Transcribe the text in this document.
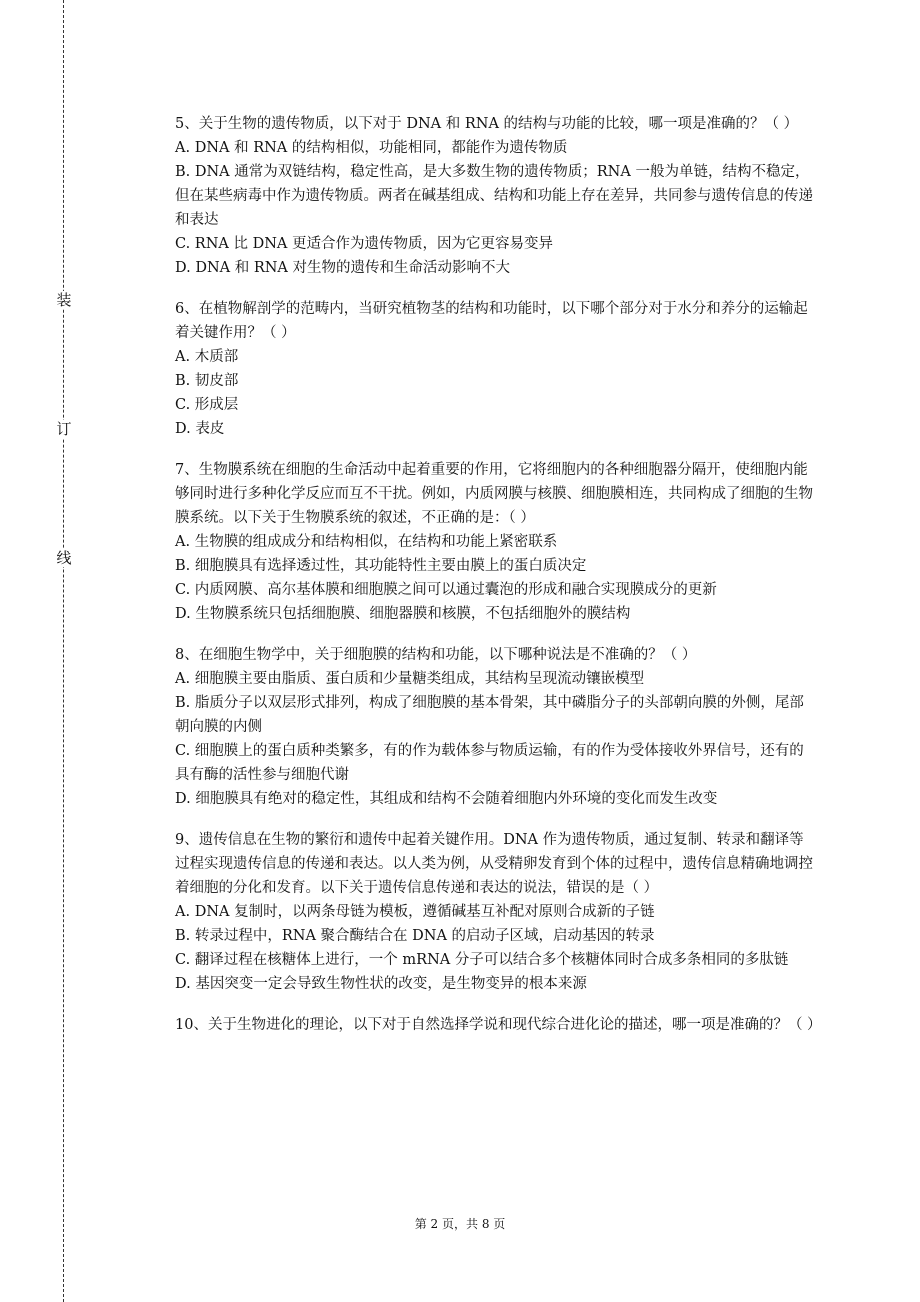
装
订
线

5、关于生物的遗传物质，以下对于 DNA 和 RNA 的结构与功能的比较，哪一项是准确的？（ ）

A. DNA 和 RNA 的结构相似，功能相同，都能作为遗传物质

B. DNA 通常为双链结构，稳定性高，是大多数生物的遗传物质；RNA 一般为单链，结构不稳定，但在某些病毒中作为遗传物质。两者在碱基组成、结构和功能上存在差异，共同参与遗传信息的传递和表达

C. RNA 比 DNA 更适合作为遗传物质，因为它更容易变异

D. DNA 和 RNA 对生物的遗传和生命活动影响不大

6、在植物解剖学的范畴内，当研究植物茎的结构和功能时，以下哪个部分对于水分和养分的运输起着关键作用？（ ）

A. 木质部

B. 韧皮部

C. 形成层

D. 表皮

7、生物膜系统在细胞的生命活动中起着重要的作用，它将细胞内的各种细胞器分隔开，使细胞内能够同时进行多种化学反应而互不干扰。例如，内质网膜与核膜、细胞膜相连，共同构成了细胞的生物膜系统。以下关于生物膜系统的叙述，不正确的是：（ ）

A. 生物膜的组成成分和结构相似，在结构和功能上紧密联系

B. 细胞膜具有选择透过性，其功能特性主要由膜上的蛋白质决定

C. 内质网膜、高尔基体膜和细胞膜之间可以通过囊泡的形成和融合实现膜成分的更新

D. 生物膜系统只包括细胞膜、细胞器膜和核膜，不包括细胞外的膜结构

8、在细胞生物学中，关于细胞膜的结构和功能，以下哪种说法是不准确的？（ ）

A. 细胞膜主要由脂质、蛋白质和少量糖类组成，其结构呈现流动镶嵌模型

B. 脂质分子以双层形式排列，构成了细胞膜的基本骨架，其中磷脂分子的头部朝向膜的外侧，尾部朝向膜的内侧

C. 细胞膜上的蛋白质种类繁多，有的作为载体参与物质运输，有的作为受体接收外界信号，还有的具有酶的活性参与细胞代谢

D. 细胞膜具有绝对的稳定性，其组成和结构不会随着细胞内外环境的变化而发生改变

9、遗传信息在生物的繁衍和遗传中起着关键作用。DNA 作为遗传物质，通过复制、转录和翻译等过程实现遗传信息的传递和表达。以人类为例，从受精卵发育到个体的过程中，遗传信息精确地调控着细胞的分化和发育。以下关于遗传信息传递和表达的说法，错误的是（ ）

A. DNA 复制时，以两条母链为模板，遵循碱基互补配对原则合成新的子链

B. 转录过程中，RNA 聚合酶结合在 DNA 的启动子区域，启动基因的转录

C. 翻译过程在核糖体上进行，一个 mRNA 分子可以结合多个核糖体同时合成多条相同的多肽链

D. 基因突变一定会导致生物性状的改变，是生物变异的根本来源

10、关于生物进化的理论，以下对于自然选择学说和现代综合进化论的描述，哪一项是准确的？（ ）

第 2 页，共 8 页
